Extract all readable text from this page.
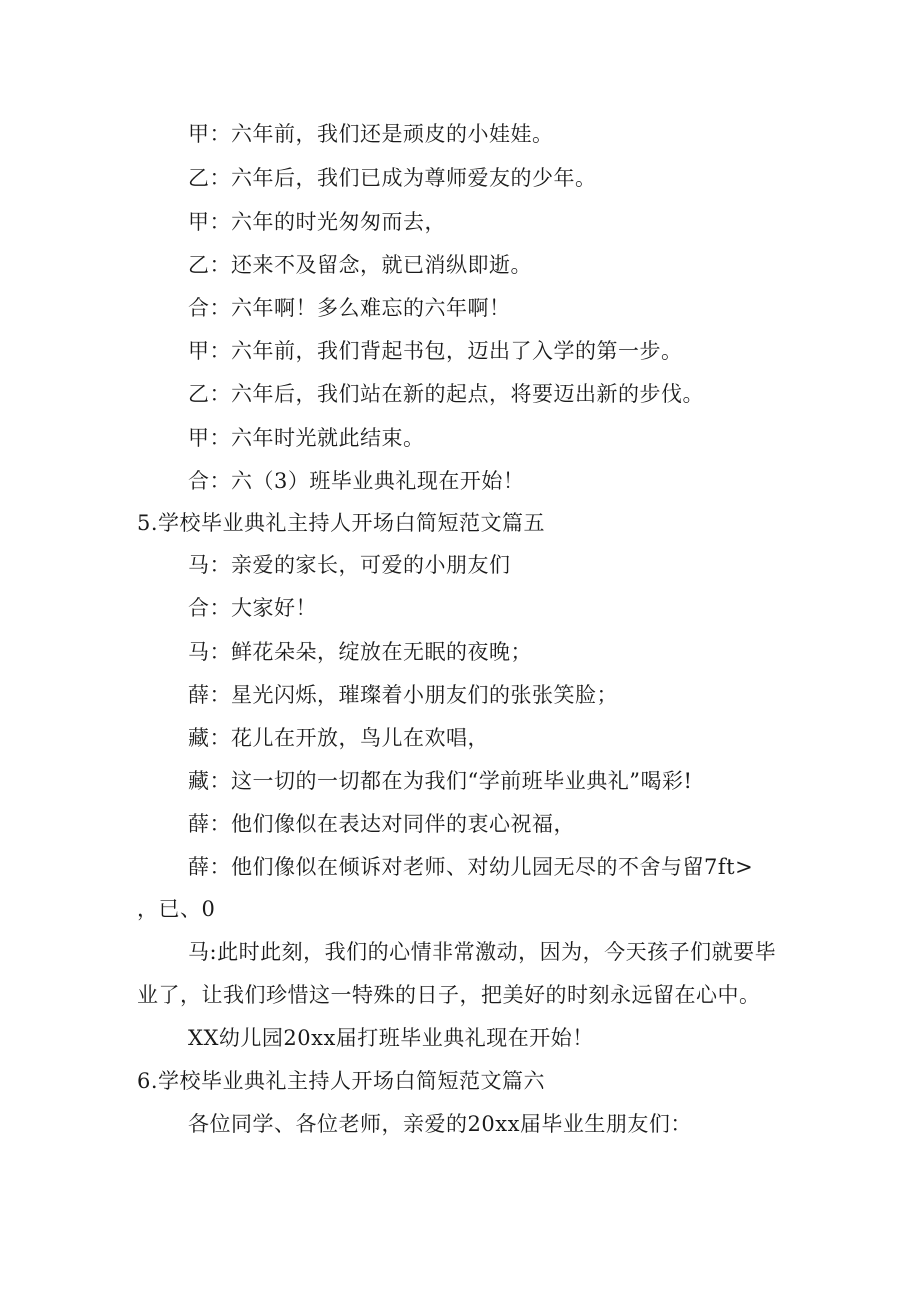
甲：六年前，我们还是顽皮的小娃娃。
乙：六年后，我们已成为尊师爱友的少年。
甲：六年的时光匆匆而去，
乙：还来不及留念，就已消纵即逝。
合：六年啊！多么难忘的六年啊！
甲：六年前，我们背起书包，迈出了入学的第一步。
乙：六年后，我们站在新的起点，将要迈出新的步伐。
甲：六年时光就此结束。
合：六（3）班毕业典礼现在开始！
5.学校毕业典礼主持人开场白简短范文篇五
马：亲爱的家长，可爱的小朋友们
合：大家好！
马：鲜花朵朵，绽放在无眠的夜晚；
薛：星光闪烁，璀璨着小朋友们的张张笑脸；
藏：花儿在开放，鸟儿在欢唱，
藏：这一切的一切都在为我们“学前班毕业典礼”喝彩!
薛：他们像似在表达对同伴的衷心祝福，
薛：他们像似在倾诉对老师、对幼儿园无尽的不舍与留7ft>
，已、0
马:此时此刻，我们的心情非常激动，因为，今天孩子们就要毕
业了，让我们珍惜这一特殊的日子，把美好的时刻永远留在心中。
XX幼儿园20xx届打班毕业典礼现在开始！
6.学校毕业典礼主持人开场白简短范文篇六
各位同学、各位老师，亲爱的20xx届毕业生朋友们：
